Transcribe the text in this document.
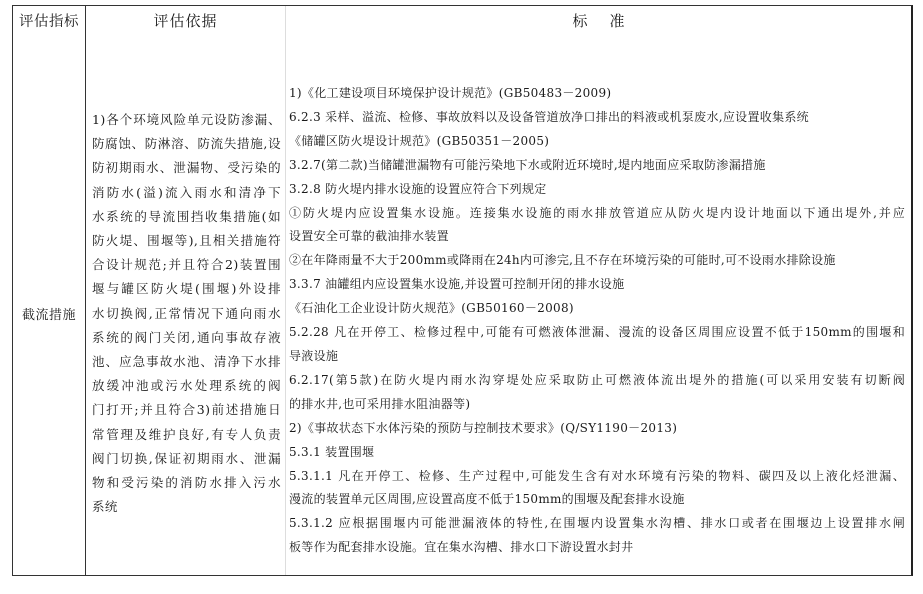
评估指标
截流措施
评估依据
1)各个环境风险单元设防渗漏、
防腐蚀、防淋溶、防流失措施,设
防初期雨水、泄漏物、受污染的
消防水(溢)流入雨水和清净下
水系统的导流围挡收集措施(如
防火堤、围堰等),且相关措施符
合设计规范;并且符合2)装置围
堰与罐区防火堤(围堰)外设排
水切换阀,正常情况下通向雨水
系统的阀门关闭,通向事故存液
池、应急事故水池、清净下水排
放缓冲池或污水处理系统的阀
门打开;并且符合3)前述措施日
常管理及维护良好,有专人负责
阀门切换,保证初期雨水、泄漏
物和受污染的消防水排入污水
系统
标准
1)《化工建设项目环境保护设计规范》(GB50483－2009)
6.2.3 采样、溢流、检修、事故放料以及设备管道放净口排出的料液或机泵废水,应设置收集系统
《储罐区防火堤设计规范》(GB50351－2005)
3.2.7(第二款)当储罐泄漏物有可能污染地下水或附近环境时,堤内地面应采取防渗漏措施
3.2.8 防火堤内排水设施的设置应符合下列规定
①防火堤内应设置集水设施。连接集水设施的雨水排放管道应从防火堤内设计地面以下通出堤外,并应
设置安全可靠的截油排水装置
②在年降雨量不大于200mm或降雨在24h内可渗完,且不存在环境污染的可能时,可不设雨水排除设施
3.3.7 油罐组内应设置集水设施,并设置可控制开闭的排水设施
《石油化工企业设计防火规范》(GB50160－2008)
5.2.28 凡在开停工、检修过程中,可能有可燃液体泄漏、漫流的设备区周围应设置不低于150mm的围堰和
导液设施
6.2.17(第5款)在防火堤内雨水沟穿堤处应采取防止可燃液体流出堤外的措施(可以采用安装有切断阀
的排水井,也可采用排水阻油器等)
2)《事故状态下水体污染的预防与控制技术要求》(Q/SY1190－2013)
5.3.1 装置围堰
5.3.1.1 凡在开停工、检修、生产过程中,可能发生含有对水环境有污染的物料、碳四及以上液化烃泄漏、
漫流的装置单元区周围,应设置高度不低于150mm的围堰及配套排水设施
5.3.1.2 应根据围堰内可能泄漏液体的特性,在围堰内设置集水沟槽、排水口或者在围堰边上设置排水闸
板等作为配套排水设施。宜在集水沟槽、排水口下游设置水封井
